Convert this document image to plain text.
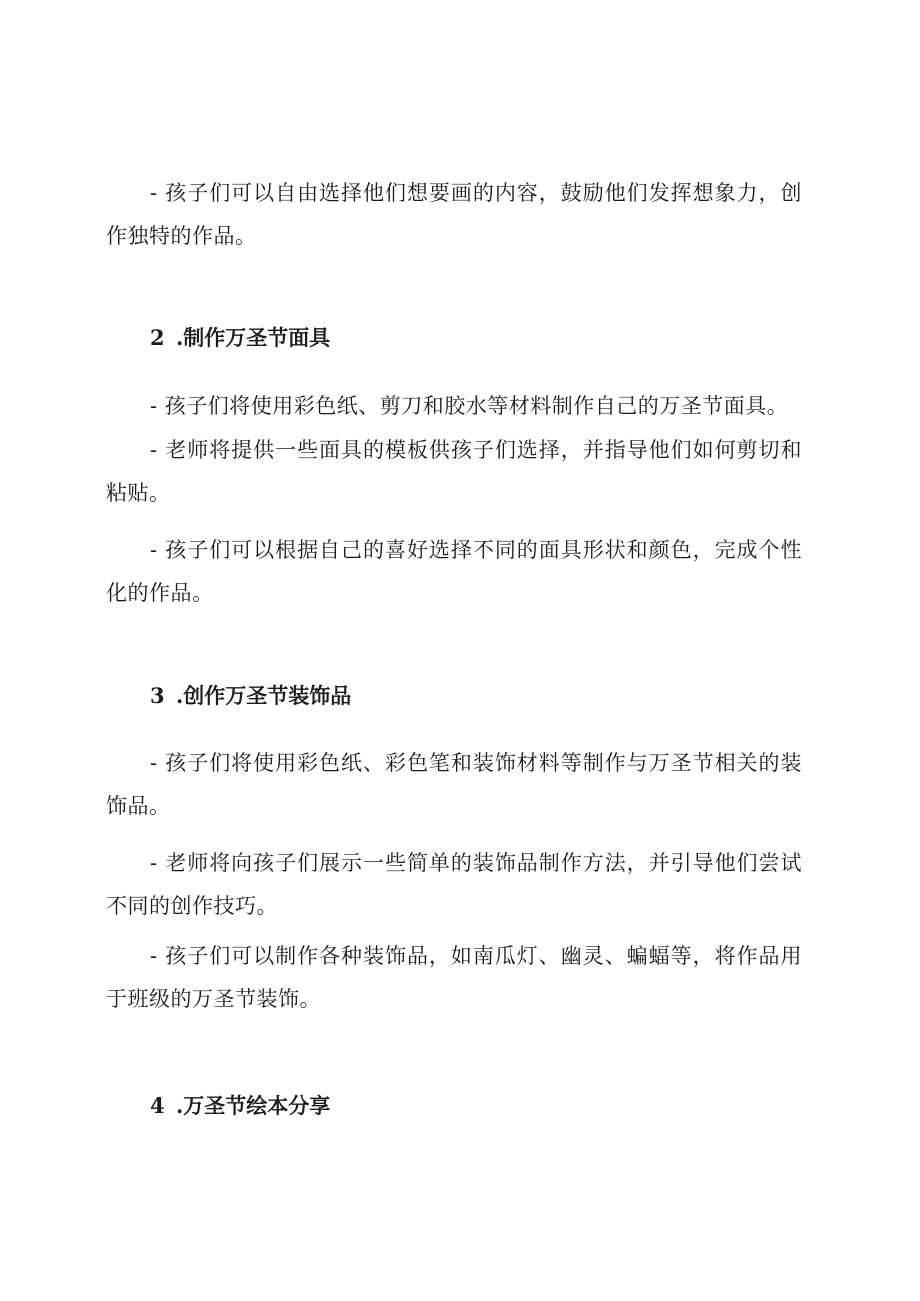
- 孩子们可以自由选择他们想要画的内容，鼓励他们发挥想象力，创作独特的作品。

2 .制作万圣节面具

- 孩子们将使用彩色纸、剪刀和胶水等材料制作自己的万圣节面具。

- 老师将提供一些面具的模板供孩子们选择，并指导他们如何剪切和粘贴。

- 孩子们可以根据自己的喜好选择不同的面具形状和颜色，完成个性化的作品。

3 .创作万圣节装饰品

- 孩子们将使用彩色纸、彩色笔和装饰材料等制作与万圣节相关的装饰品。

- 老师将向孩子们展示一些简单的装饰品制作方法，并引导他们尝试不同的创作技巧。

- 孩子们可以制作各种装饰品，如南瓜灯、幽灵、蝙蝠等，将作品用于班级的万圣节装饰。

4 .万圣节绘本分享
